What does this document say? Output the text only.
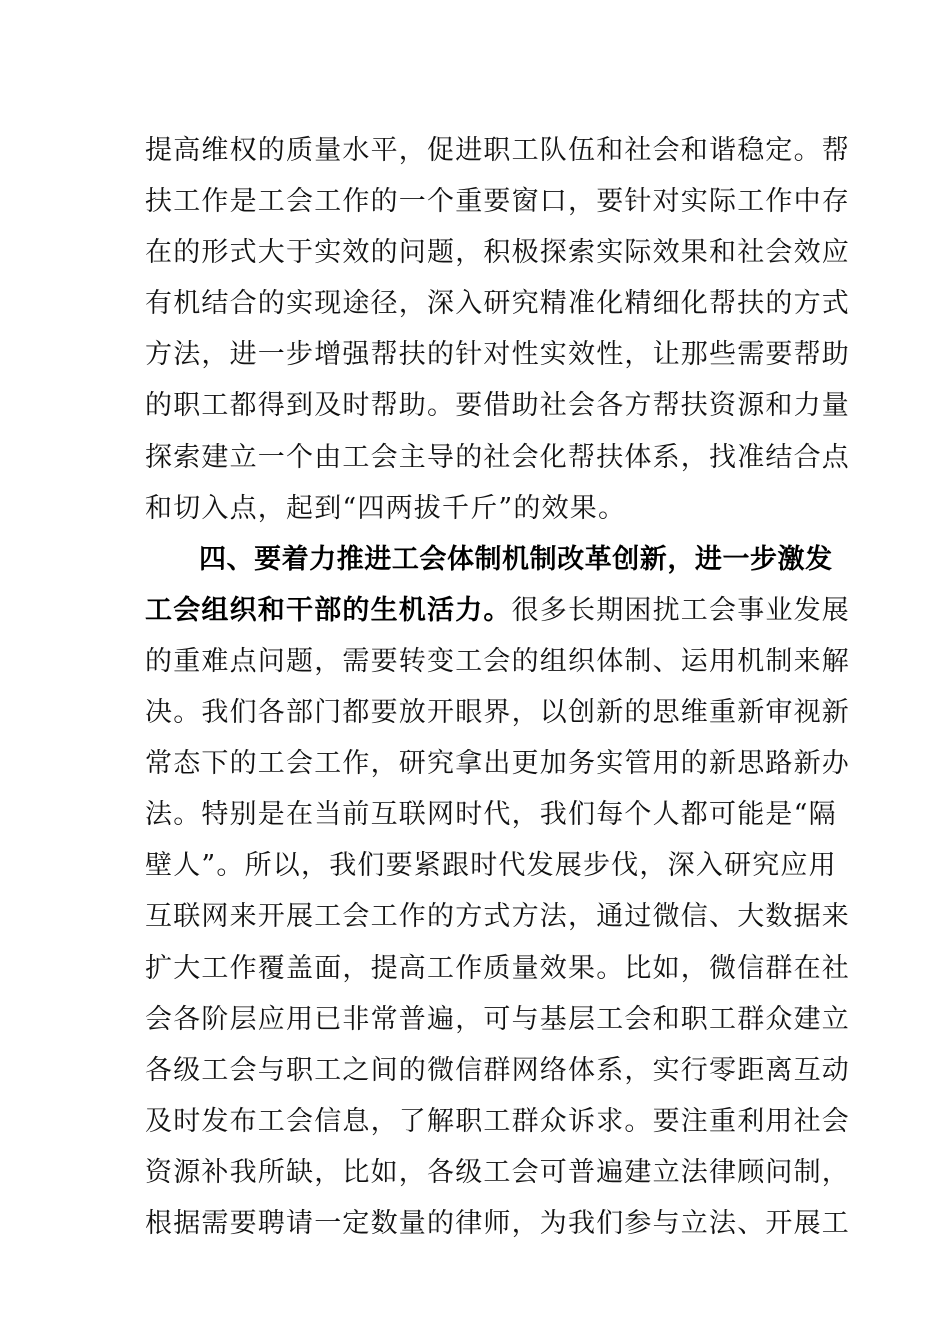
提高维权的质量水平，促进职工队伍和社会和谐稳定。帮
扶工作是工会工作的一个重要窗口，要针对实际工作中存
在的形式大于实效的问题，积极探索实际效果和社会效应
有机结合的实现途径，深入研究精准化精细化帮扶的方式
方法，进一步增强帮扶的针对性实效性，让那些需要帮助
的职工都得到及时帮助。要借助社会各方帮扶资源和力量
探索建立一个由工会主导的社会化帮扶体系，找准结合点
和切入点，起到“四两拔千斤”的效果。
四、要着力推进工会体制机制改革创新，进一步激发
工会组织和干部的生机活力。很多长期困扰工会事业发展
的重难点问题，需要转变工会的组织体制、运用机制来解
决。我们各部门都要放开眼界，以创新的思维重新审视新
常态下的工会工作，研究拿出更加务实管用的新思路新办
法。特别是在当前互联网时代，我们每个人都可能是“隔
壁人”。所以，我们要紧跟时代发展步伐，深入研究应用
互联网来开展工会工作的方式方法，通过微信、大数据来
扩大工作覆盖面，提高工作质量效果。比如，微信群在社
会各阶层应用已非常普遍，可与基层工会和职工群众建立
各级工会与职工之间的微信群网络体系，实行零距离互动
及时发布工会信息，了解职工群众诉求。要注重利用社会
资源补我所缺，比如，各级工会可普遍建立法律顾问制，
根据需要聘请一定数量的律师，为我们参与立法、开展工
